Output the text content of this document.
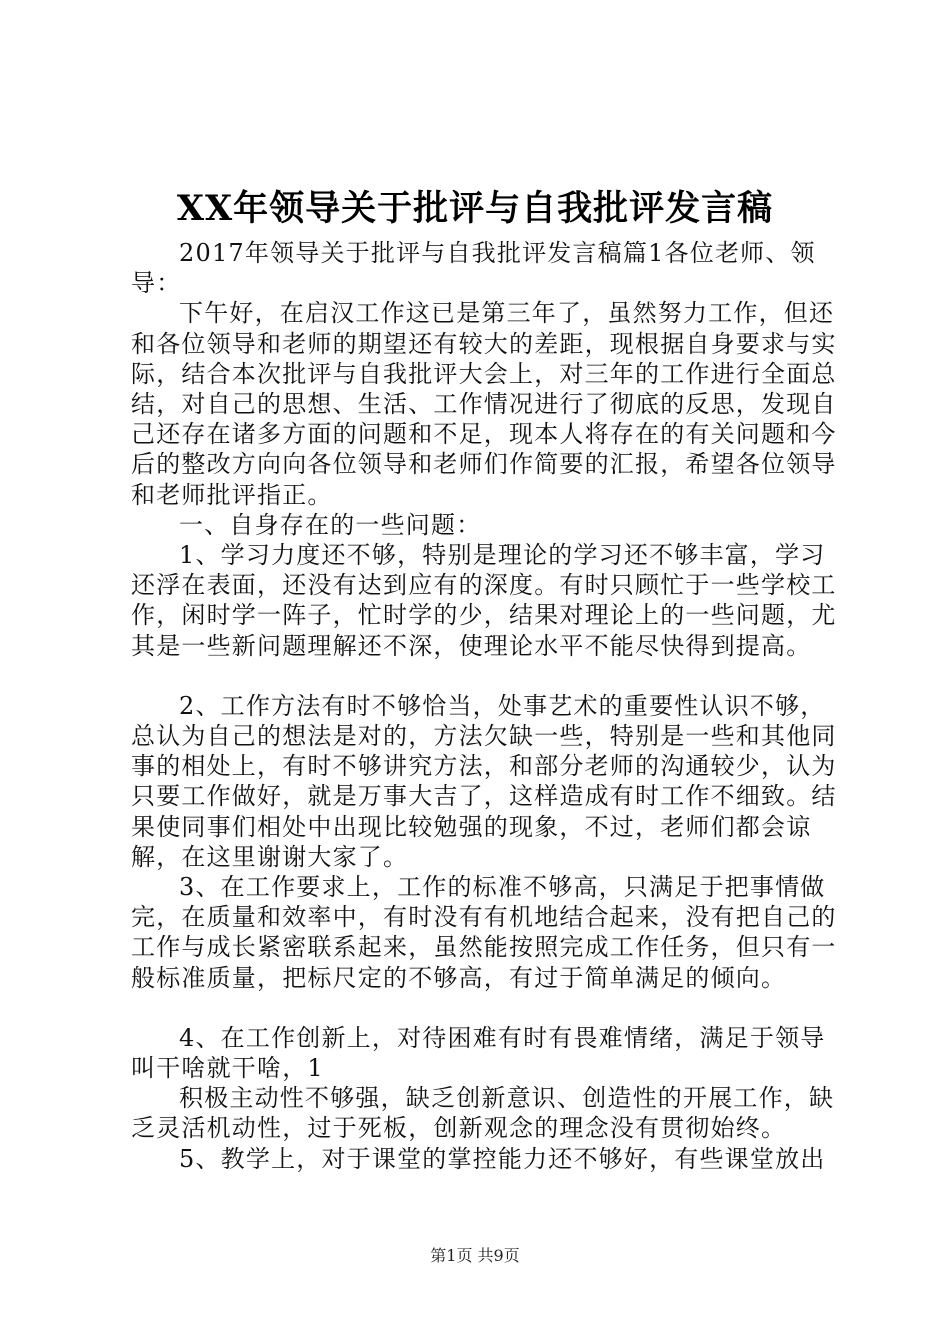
XX年领导关于批评与自我批评发言稿

2017年领导关于批评与自我批评发言稿篇1各位老师、领导：

下午好，在启汉工作这已是第三年了，虽然努力工作，但还和各位领导和老师的期望还有较大的差距，现根据自身要求与实际，结合本次批评与自我批评大会上，对三年的工作进行全面总结，对自己的思想、生活、工作情况进行了彻底的反思，发现自己还存在诸多方面的问题和不足，现本人将存在的有关问题和今后的整改方向向各位领导和老师们作简要的汇报，希望各位领导和老师批评指正。

一、自身存在的一些问题：

1、学习力度还不够，特别是理论的学习还不够丰富，学习还浮在表面，还没有达到应有的深度。有时只顾忙于一些学校工作，闲时学一阵子，忙时学的少，结果对理论上的一些问题，尤其是一些新问题理解还不深，使理论水平不能尽快得到提高。

2、工作方法有时不够恰当，处事艺术的重要性认识不够，总认为自己的想法是对的，方法欠缺一些，特别是一些和其他同事的相处上，有时不够讲究方法，和部分老师的沟通较少，认为只要工作做好，就是万事大吉了，这样造成有时工作不细致。结果使同事们相处中出现比较勉强的现象，不过，老师们都会谅解，在这里谢谢大家了。

3、在工作要求上，工作的标准不够高，只满足于把事情做完，在质量和效率中，有时没有有机地结合起来，没有把自己的工作与成长紧密联系起来，虽然能按照完成工作任务，但只有一般标准质量，把标尺定的不够高，有过于简单满足的倾向。

4、在工作创新上，对待困难有时有畏难情绪，满足于领导叫干啥就干啥，1

积极主动性不够强，缺乏创新意识、创造性的开展工作，缺乏灵活机动性，过于死板，创新观念的理念没有贯彻始终。

5、教学上，对于课堂的掌控能力还不够好，有些课堂放出

第1页 共9页
